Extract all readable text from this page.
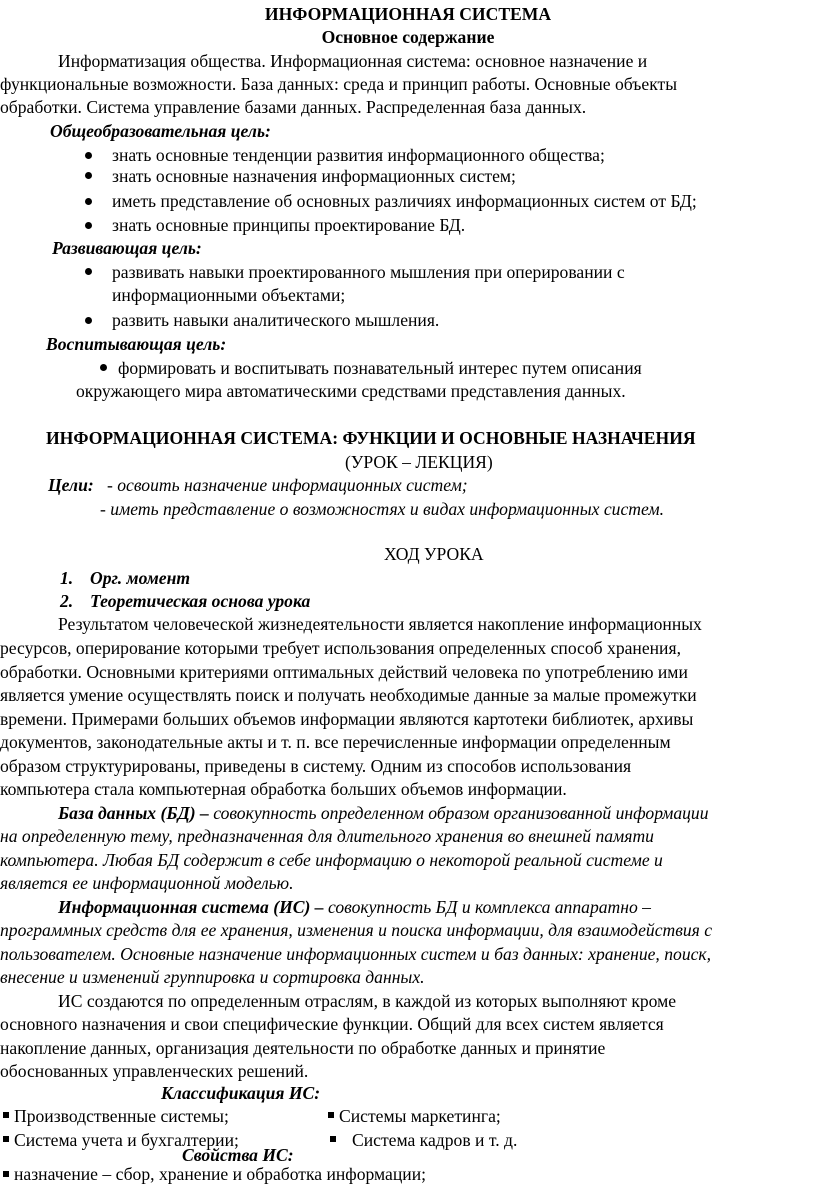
ИНФОРМАЦИОННАЯ СИСТЕМА
Основное содержание
Информатизация общества. Информационная система: основное назначение и
функциональные возможности. База данных: среда и принцип работы. Основные объекты
обработки. Система управление базами данных. Распределенная база данных.
Общеобразовательная цель:
знать основные тенденции развития информационного общества;
знать основные назначения информационных систем;
иметь представление об основных различиях информационных систем от БД;
знать основные принципы проектирование БД.
Развивающая цель:
развивать навыки проектированного мышления при оперировании с
информационными объектами;
развить навыки аналитического мышления.
Воспитывающая цель:
формировать и воспитывать познавательный интерес путем описания
окружающего мира автоматическими средствами представления данных.
ИНФОРМАЦИОННАЯ СИСТЕМА: ФУНКЦИИ И ОСНОВНЫЕ НАЗНАЧЕНИЯ
(УРОК – ЛЕКЦИЯ)
Цели: - освоить назначение информационных систем;
- иметь представление о возможностях и видах информационных систем.
ХОД УРОКА
1. Орг. момент
2. Теоретическая основа урока
Результатом человеческой жизнедеятельности является накопление информационных
ресурсов, оперирование которыми требует использования определенных способ хранения,
обработки. Основными критериями оптимальных действий человека по употреблению ими
является умение осуществлять поиск и получать необходимые данные за малые промежутки
времени. Примерами больших объемов информации являются картотеки библиотек, архивы
документов, законодательные акты и т. п. все перечисленные информации определенным
образом структурированы, приведены в систему. Одним из способов использования
компьютера стала компьютерная обработка больших объемов информации.
База данных (БД) – совокупность определенном образом организованной информации
на определенную тему, предназначенная для длительного хранения во внешней памяти
компьютера. Любая БД содержит в себе информацию о некоторой реальной системе и
является ее информационной моделью.
Информационная система (ИС) – совокупность БД и комплекса аппаратно –
программных средств для ее хранения, изменения и поиска информации, для взаимодействия с
пользователем. Основные назначение информационных систем и баз данных: хранение, поиск,
внесение и изменений группировка и сортировка данных.
ИС создаются по определенным отраслям, в каждой из которых выполняют кроме
основного назначения и свои специфические функции. Общий для всех систем является
накопление данных, организация деятельности по обработке данных и принятие
обоснованных управленческих решений.
Классификация ИС:
Производственные системы;	Системы маркетинга;
Система учета и бухгалтерии;	Система кадров и т. д.
Свойства ИС:
назначение – сбор, хранение и обработка информации;
